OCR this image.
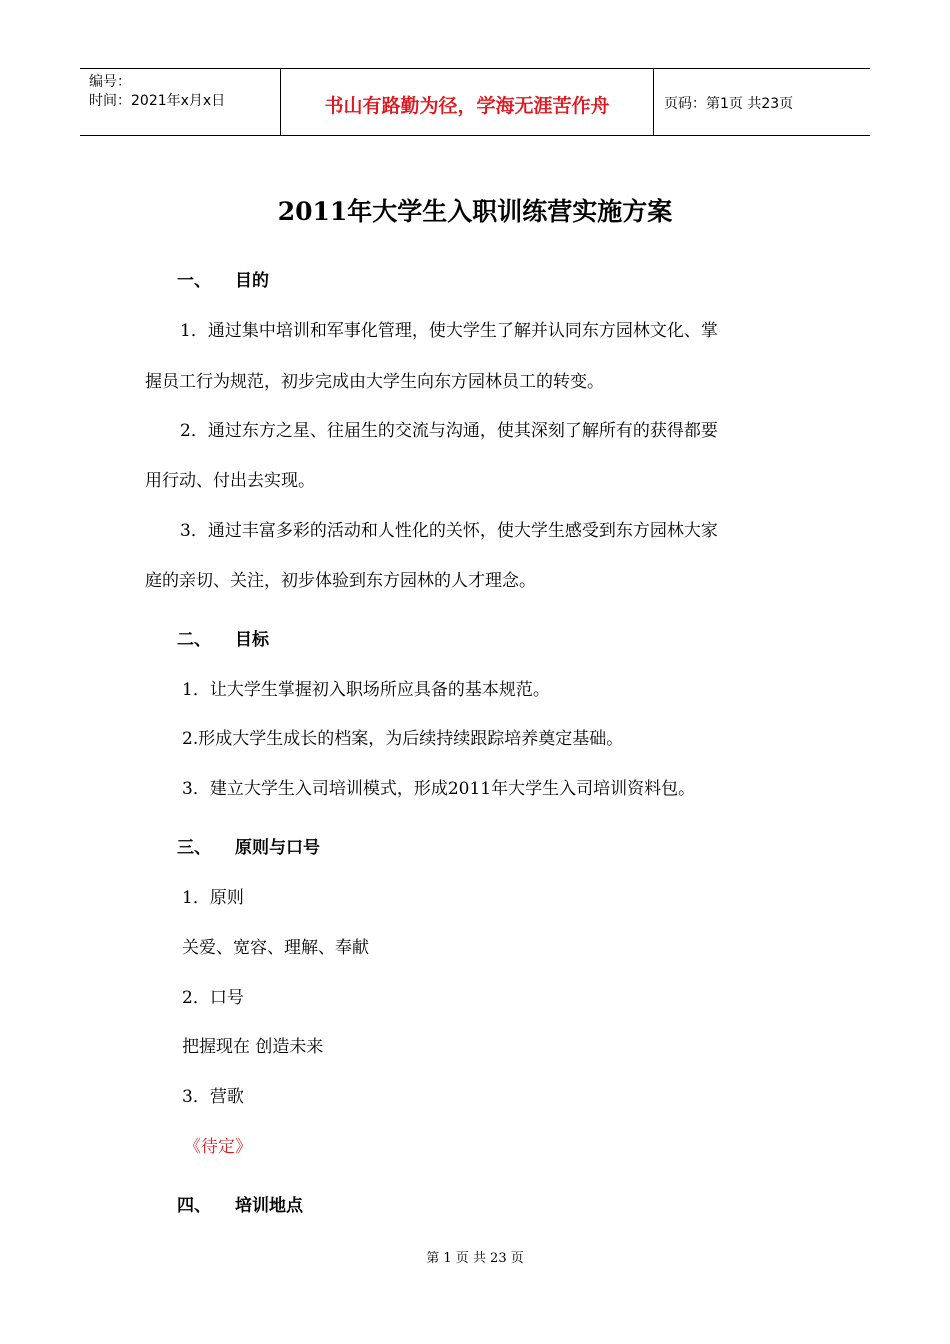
编号：
时间：2021年x月x日	书山有路勤为径，学海无涯苦作舟	页码：第1页 共23页
2011年大学生入职训练营实施方案
一、 目的
1．通过集中培训和军事化管理，使大学生了解并认同东方园林文化、掌
握员工行为规范，初步完成由大学生向东方园林员工的转变。
2．通过东方之星、往届生的交流与沟通，使其深刻了解所有的获得都要
用行动、付出去实现。
3．通过丰富多彩的活动和人性化的关怀，使大学生感受到东方园林大家
庭的亲切、关注，初步体验到东方园林的人才理念。
二、 目标
1．让大学生掌握初入职场所应具备的基本规范。
2.形成大学生成长的档案，为后续持续跟踪培养奠定基础。
3．建立大学生入司培训模式，形成2011年大学生入司培训资料包。
三、 原则与口号
1．原则
关爱、宽容、理解、奉献
2．口号
把握现在 创造未来
3．营歌
《待定》
四、 培训地点
第 1 页 共 23 页
